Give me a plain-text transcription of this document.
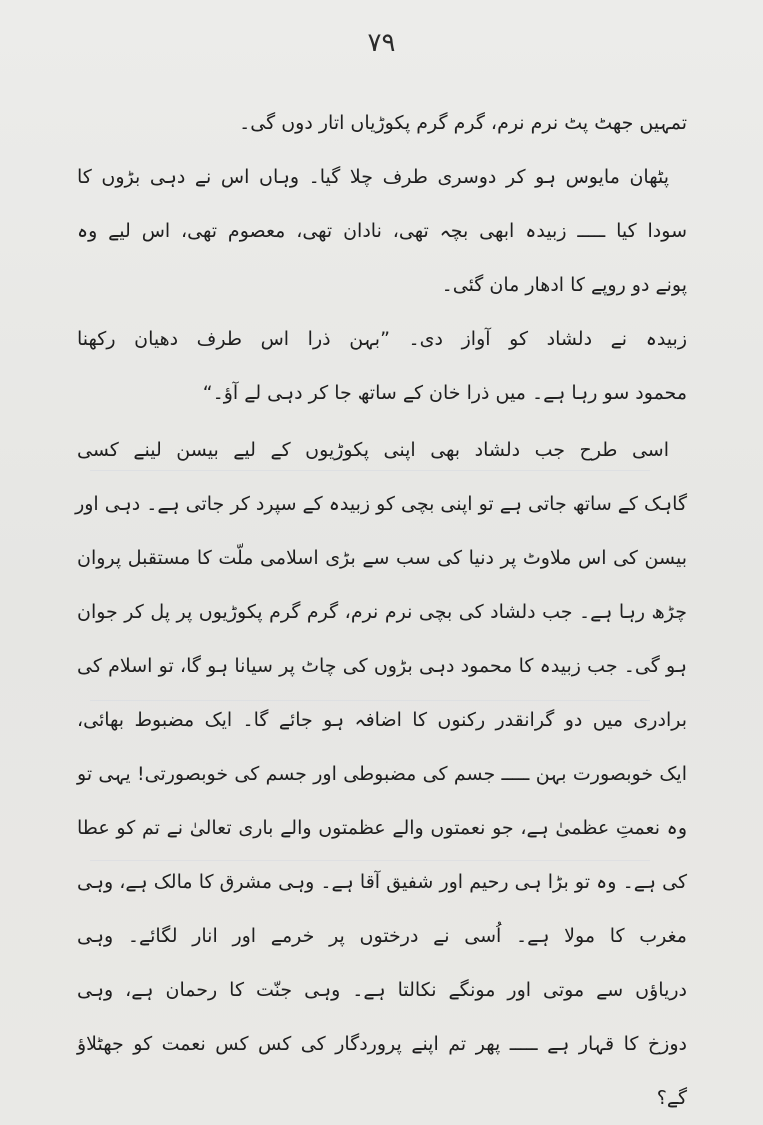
۷۹
تمہیں جھٹ پٹ نرم نرم، گرم گرم پکوڑیاں اتار دوں گی۔
پٹھان مایوس ہو کر دوسری طرف چلا گیا۔ وہاں اس نے دہی بڑوں کا
سودا کیا ـــــ زبیدہ ابھی بچہ تھی، نادان تھی، معصوم تھی، اس لیے وہ
پونے دو روپے کا ادھار مان گئی۔
زبیدہ نے دلشاد کو آواز دی۔ ”بہن ذرا اس طرف دھیان رکھنا
محمود سو رہا ہے۔ میں ذرا خان کے ساتھ جا کر دہی لے آؤ۔“
اسی طرح جب دلشاد بھی اپنی پکوڑیوں کے لیے بیسن لینے کسی
گاہک کے ساتھ جاتی ہے تو اپنی بچی کو زبیدہ کے سپرد کر جاتی ہے۔ دہی اور
بیسن کی اس ملاوٹ پر دنیا کی سب سے بڑی اسلامی ملّت کا مستقبل پروان
چڑھ رہا ہے۔ جب دلشاد کی بچی نرم نرم، گرم گرم پکوڑیوں پر پل کر جوان
ہو گی۔ جب زبیدہ کا محمود دہی بڑوں کی چاٹ پر سیانا ہو گا، تو اسلام کی
برادری میں دو گرانقدر رکنوں کا اضافہ ہو جائے گا۔ ایک مضبوط بھائی،
ایک خوبصورت بہن ـــــ جسم کی مضبوطی اور جسم کی خوبصورتی! یہی تو
وہ نعمتِ عظمیٰ ہے، جو نعمتوں والے عظمتوں والے باری تعالیٰ نے تم کو عطا
کی ہے۔ وہ تو بڑا ہی رحیم اور شفیق آقا ہے۔ وہی مشرق کا مالک ہے، وہی
مغرب کا مولا ہے۔ اُسی نے درختوں پر خرمے اور انار لگائے۔ وہی
دریاؤں سے موتی اور مونگے نکالتا ہے۔ وہی جنّت کا رحمان ہے، وہی
دوزخ کا قہار ہے ـــــ پھر تم اپنے پروردگار کی کس کس نعمت کو جھٹلاؤ
گے؟
